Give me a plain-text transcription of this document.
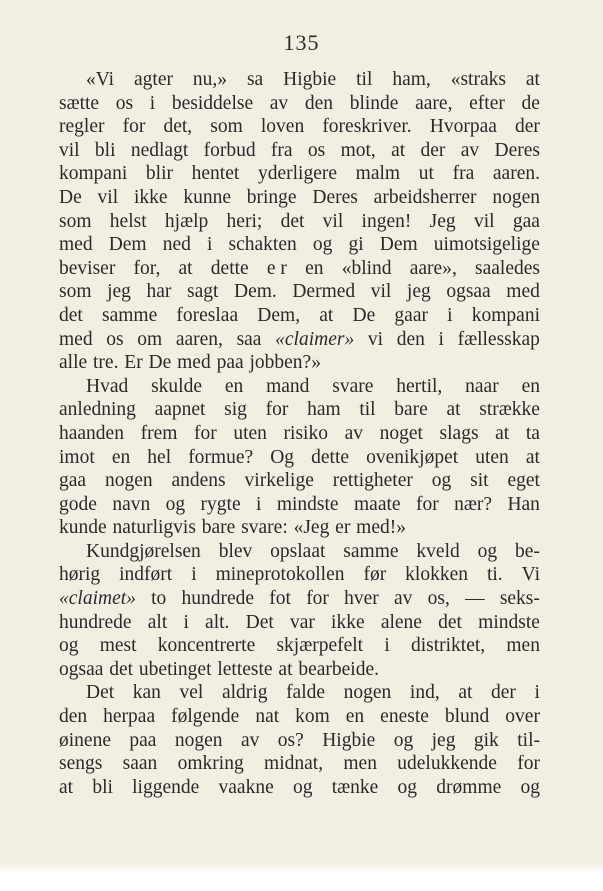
135
«Vi agter nu,» sa Higbie til ham, «straks at
sætte os i besiddelse av den blinde aare, efter de
regler for det, som loven foreskriver. Hvorpaa der
vil bli nedlagt forbud fra os mot, at der av Deres
kompani blir hentet yderligere malm ut fra aaren.
De vil ikke kunne bringe Deres arbeidsherrer nogen
som helst hjælp heri; det vil ingen! Jeg vil gaa
med Dem ned i schakten og gi Dem uimotsigelige
beviser for, at dette e r en «blind aare», saaledes
som jeg har sagt Dem. Dermed vil jeg ogsaa med
det samme foreslaa Dem, at De gaar i kompani
med os om aaren, saa «claimer» vi den i fællesskap
alle tre. Er De med paa jobben?»
Hvad skulde en mand svare hertil, naar en
anledning aapnet sig for ham til bare at strække
haanden frem for uten risiko av noget slags at ta
imot en hel formue? Og dette ovenikjøpet uten at
gaa nogen andens virkelige rettigheter og sit eget
gode navn og rygte i mindste maate for nær? Han
kunde naturligvis bare svare: «Jeg er med!»
Kundgjørelsen blev opslaat samme kveld og be-
hørig indført i mineprotokollen før klokken ti. Vi
«claimet» to hundrede fot for hver av os, — seks-
hundrede alt i alt. Det var ikke alene det mindste
og mest koncentrerte skjærpefelt i distriktet, men
ogsaa det ubetinget letteste at bearbeide.
Det kan vel aldrig falde nogen ind, at der i
den herpaa følgende nat kom en eneste blund over
øinene paa nogen av os? Higbie og jeg gik til-
sengs saan omkring midnat, men udelukkende for
at bli liggende vaakne og tænke og drømme og
